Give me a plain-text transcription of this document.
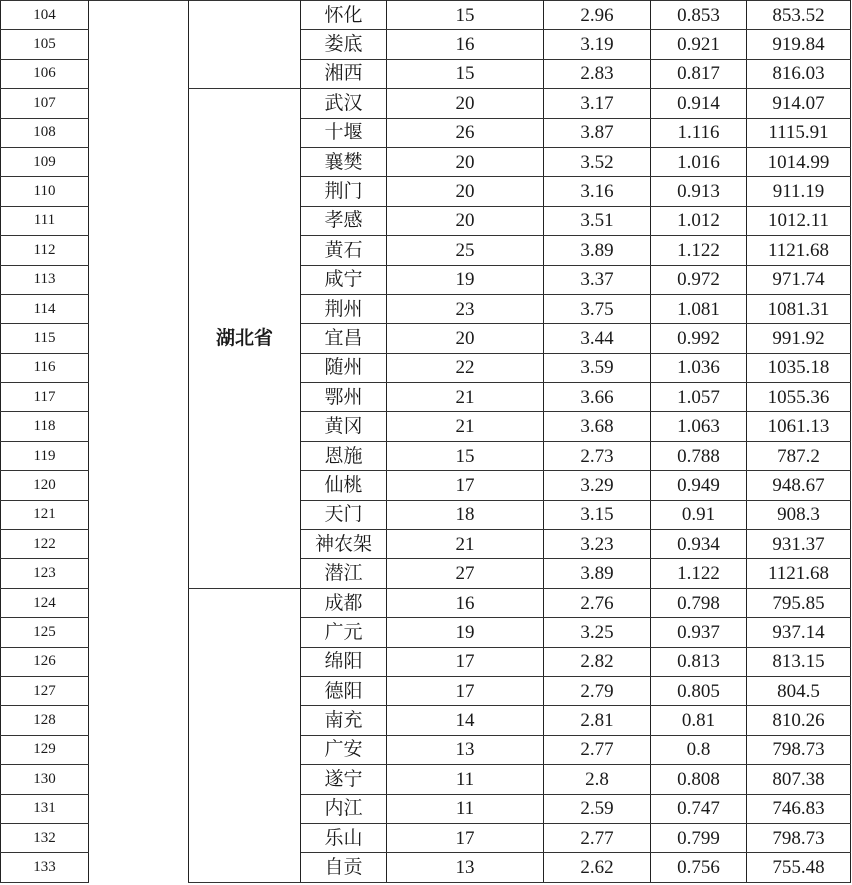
104			怀化	15	2.96	0.853	853.52
105			娄底	16	3.19	0.921	919.84
106			湘西	15	2.83	0.817	816.03
107		湖北省	武汉	20	3.17	0.914	914.07
108			十堰	26	3.87	1.116	1115.91
109			襄樊	20	3.52	1.016	1014.99
110			荆门	20	3.16	0.913	911.19
111			孝感	20	3.51	1.012	1012.11
112			黄石	25	3.89	1.122	1121.68
113			咸宁	19	3.37	0.972	971.74
114			荆州	23	3.75	1.081	1081.31
115			宜昌	20	3.44	0.992	991.92
116			随州	22	3.59	1.036	1035.18
117			鄂州	21	3.66	1.057	1055.36
118			黄冈	21	3.68	1.063	1061.13
119			恩施	15	2.73	0.788	787.2
120			仙桃	17	3.29	0.949	948.67
121			天门	18	3.15	0.91	908.3
122			神农架	21	3.23	0.934	931.37
123			潜江	27	3.89	1.122	1121.68
124			成都	16	2.76	0.798	795.85
125			广元	19	3.25	0.937	937.14
126			绵阳	17	2.82	0.813	813.15
127			德阳	17	2.79	0.805	804.5
128			南充	14	2.81	0.81	810.26
129			广安	13	2.77	0.8	798.73
130			遂宁	11	2.8	0.808	807.38
131			内江	11	2.59	0.747	746.83
132			乐山	17	2.77	0.799	798.73
133			自贡	13	2.62	0.756	755.48
